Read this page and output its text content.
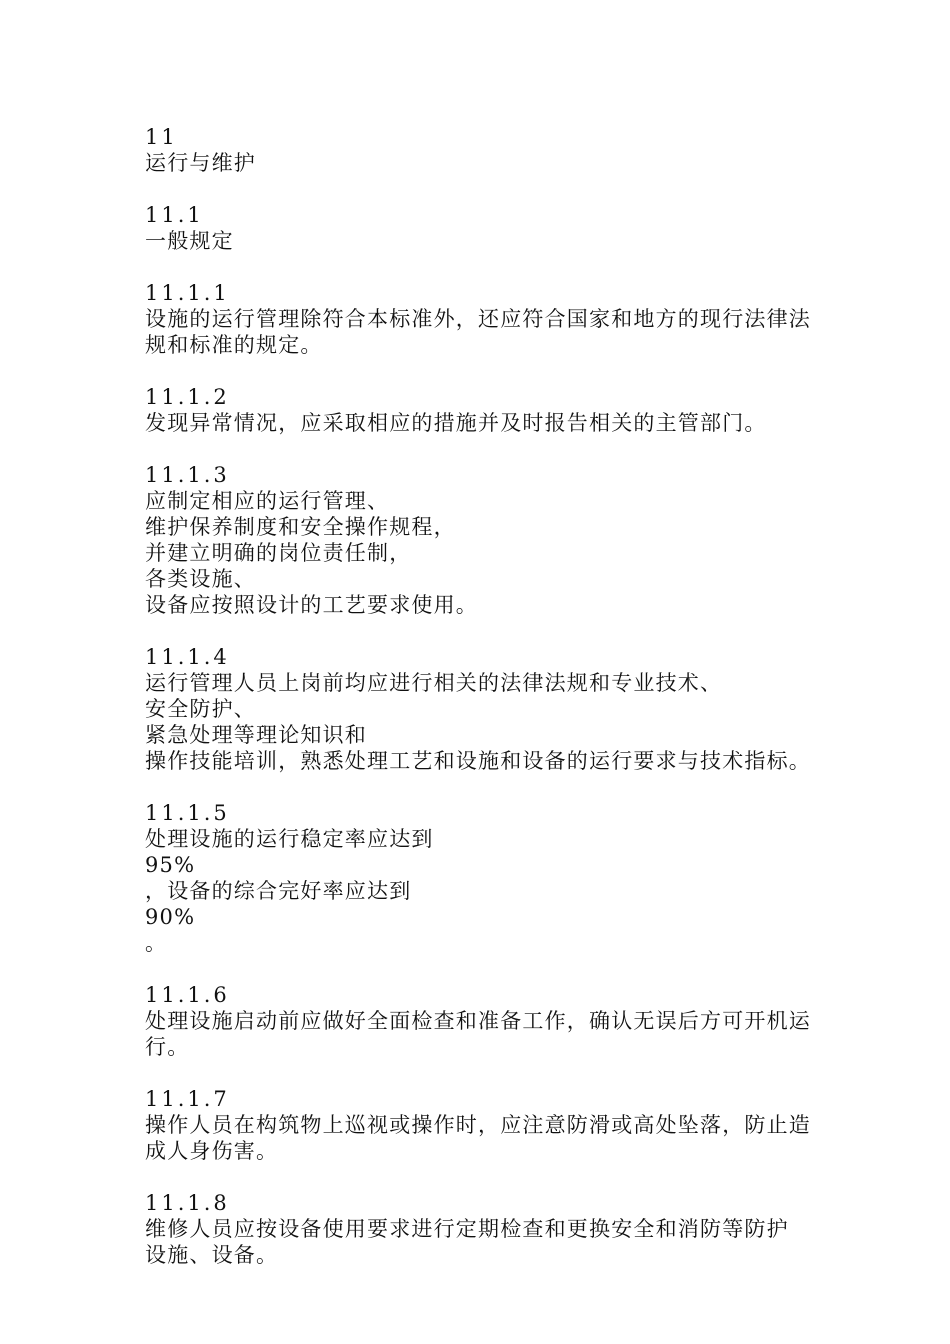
11
运行与维护
11.1
一般规定
11.1.1
设施的运行管理除符合本标准外，还应符合国家和地方的现行法律法
规和标准的规定。
11.1.2
发现异常情况，应采取相应的措施并及时报告相关的主管部门。
11.1.3
应制定相应的运行管理、
维护保养制度和安全操作规程，
并建立明确的岗位责任制，
各类设施、
设备应按照设计的工艺要求使用。
11.1.4
运行管理人员上岗前均应进行相关的法律法规和专业技术、
安全防护、
紧急处理等理论知识和
操作技能培训，熟悉处理工艺和设施和设备的运行要求与技术指标。
11.1.5
处理设施的运行稳定率应达到
95%
，设备的综合完好率应达到
90%
。
11.1.6
处理设施启动前应做好全面检查和准备工作，确认无误后方可开机运
行。
11.1.7
操作人员在构筑物上巡视或操作时，应注意防滑或高处坠落，防止造
成人身伤害。
11.1.8
维修人员应按设备使用要求进行定期检查和更换安全和消防等防护
设施、设备。
